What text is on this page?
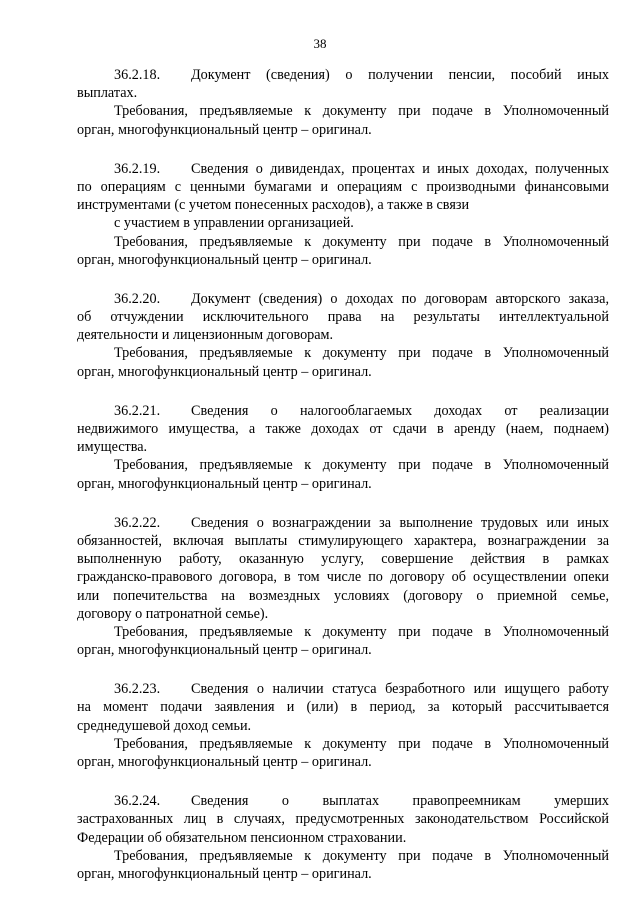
38
36.2.18.	Документ (сведения) о получении пенсии, пособий иных
выплатах.
Требования, предъявляемые к документу при подаче в Уполномоченный
орган, многофункциональный центр – оригинал.
36.2.19.	Сведения о дивидендах, процентах и иных доходах, полученных
по операциям с ценными бумагами и операциям с производными финансовыми
инструментами (с учетом понесенных расходов), а также в связи
с участием в управлении организацией.
Требования, предъявляемые к документу при подаче в Уполномоченный
орган, многофункциональный центр – оригинал.
36.2.20.	Документ (сведения) о доходах по договорам авторского заказа,
об отчуждении исключительного права на результаты интеллектуальной
деятельности и лицензионным договорам.
Требования, предъявляемые к документу при подаче в Уполномоченный
орган, многофункциональный центр – оригинал.
36.2.21.	Сведения о налогооблагаемых доходах от реализации
недвижимого имущества, а также доходах от сдачи в аренду (наем, поднаем)
имущества.
Требования, предъявляемые к документу при подаче в Уполномоченный
орган, многофункциональный центр – оригинал.
36.2.22.	Сведения о вознаграждении за выполнение трудовых или иных
обязанностей, включая выплаты стимулирующего характера, вознаграждении за
выполненную работу, оказанную услугу, совершение действия в рамках
гражданско-правового договора, в том числе по договору об осуществлении опеки
или попечительства на возмездных условиях (договору о приемной семье,
договору о патронатной семье).
Требования, предъявляемые к документу при подаче в Уполномоченный
орган, многофункциональный центр – оригинал.
36.2.23.	Сведения о наличии статуса безработного или ищущего работу
на момент подачи заявления и (или) в период, за который рассчитывается
среднедушевой доход семьи.
Требования, предъявляемые к документу при подаче в Уполномоченный
орган, многофункциональный центр – оригинал.
36.2.24.	Сведения о выплатах правопреемникам умерших
застрахованных лиц в случаях, предусмотренных законодательством Российской
Федерации об обязательном пенсионном страховании.
Требования, предъявляемые к документу при подаче в Уполномоченный
орган, многофункциональный центр – оригинал.
